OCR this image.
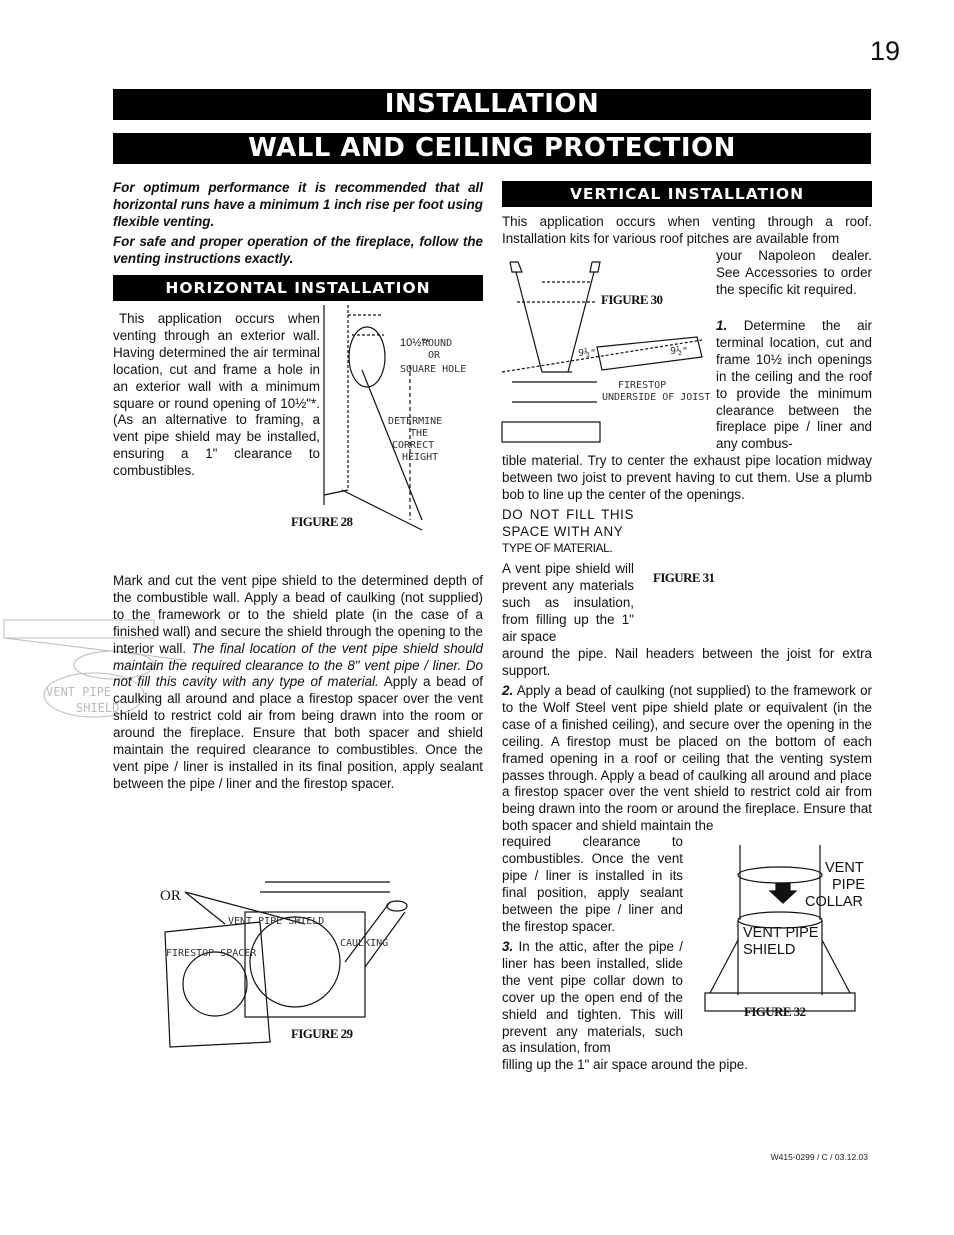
19
INSTALLATION
WALL AND CEILING PROTECTION
For optimum performance it is recommended that all horizontal runs have a minimum 1 inch rise per foot using flexible venting.
For safe and proper operation of the fireplace, follow the venting instructions exactly.
HORIZONTAL INSTALLATION
This application occurs when venting through an exterior wall. Having determined the air terminal location, cut and frame a hole in an exterior wall with a minimum square or round opening of 10½"*. (As an alternative to framing, a vent pipe shield may be installed, ensuring a 1" clearance to combustibles.
10½"*
ROUND
OR
SQUARE HOLE
DETERMINE
THE
CORRECT
HEIGHT
FIGURE 28
VENT PIPE
SHIELD
Mark and cut the vent pipe shield to the determined depth of the combustible wall. Apply a bead of caulking (not supplied) to the framework or to the shield plate (in the case of a finished wall) and secure the shield through the opening to the interior wall. The final location of the vent pipe shield should maintain the required clearance to the 8" vent pipe / liner. Do not fill this cavity with any type of material. Apply a bead of caulking all around and place a firestop spacer over the vent shield to restrict cold air from being drawn into the room or around the fireplace. Ensure that both spacer and shield maintain the required clearance to combustibles. Once the vent pipe / liner is installed in its final position, apply sealant between the pipe / liner and the firestop spacer.
OR
VENT PIPE SHIELD
FIRESTOP SPACER
CAULKING
FIGURE 29
VERTICAL INSTALLATION
This application occurs when venting through a roof. Installation kits for various roof pitches are available from
your Napoleon dealer. See Accessories to order the specific kit required.
9½"	9½"
FIRESTOP
UNDERSIDE OF JOIST
FIGURE 30
1. Determine the air terminal location, cut and frame 10½ inch openings in the ceiling and the roof to provide the minimum clearance between the fireplace pipe / liner and any combus-
tible material. Try to center the exhaust pipe location midway between two joist to prevent having to cut them. Use a plumb bob to line up the center of the openings.
DO NOT FILL THIS SPACE WITH ANY
TYPE OF MATERIAL.
FIGURE 31
A vent pipe shield will prevent any materials such as insulation, from filling up the 1" air space
around the pipe. Nail headers between the joist for extra support.
2. Apply a bead of caulking (not supplied) to the framework or to the Wolf Steel vent pipe shield plate or equivalent (in the case of a finished ceiling), and secure over the opening in the ceiling. A firestop must be placed on the bottom of each framed opening in a roof or ceiling that the venting system passes through. Apply a bead of caulking all around and place a firestop spacer over the vent shield to restrict cold air from being drawn into the room or around the fireplace. Ensure that both spacer and shield maintain the
required clearance to combustibles. Once the vent pipe / liner is installed in its final position, apply sealant between the pipe / liner and the firestop spacer.
3. In the attic, after the pipe / liner has been installed, slide the vent pipe collar down to cover up the open end of the shield and tighten. This will prevent any materials, such as insulation, from
filling up the 1" air space around the pipe.
VENT
PIPE
COLLAR
VENT PIPE
SHIELD
FIGURE 32
W415-0299 / C / 03.12.03
